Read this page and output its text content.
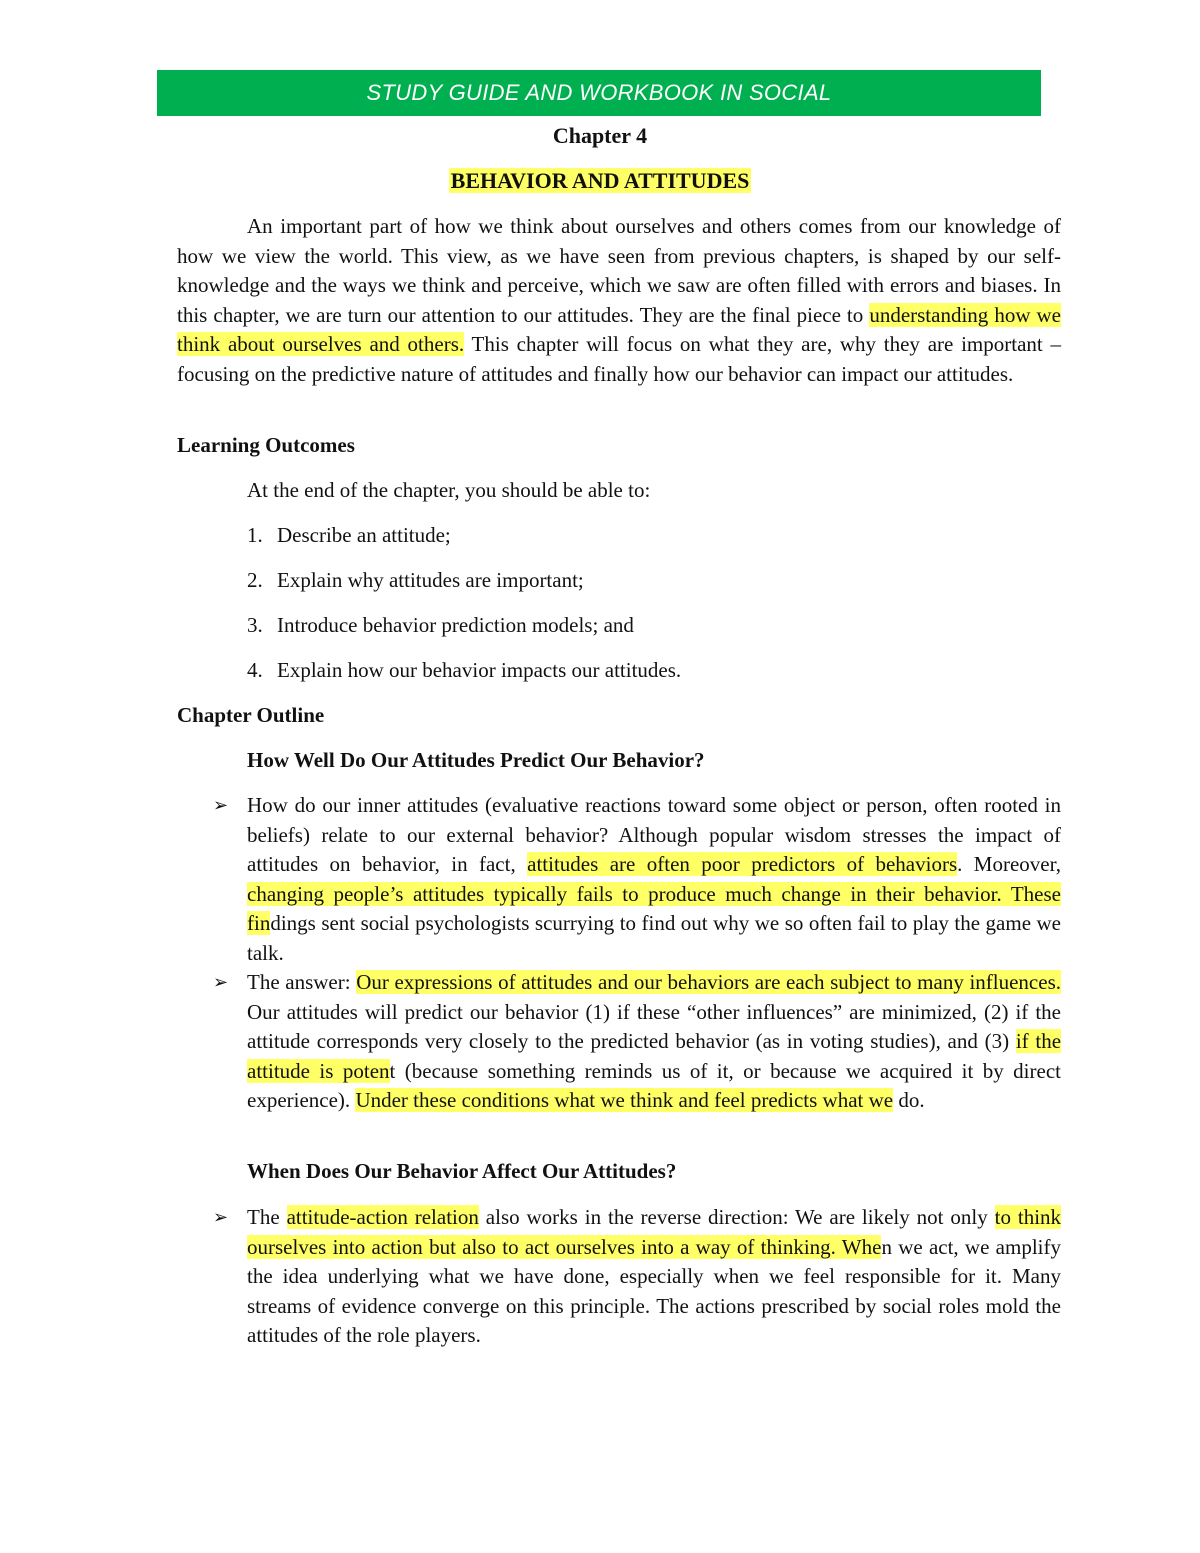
STUDY GUIDE AND WORKBOOK IN SOCIAL
Chapter 4
BEHAVIOR AND ATTITUDES

An important part of how we think about ourselves and others comes from our knowledge of how we view the world. This view, as we have seen from previous chapters, is shaped by our self-knowledge and the ways we think and perceive, which we saw are often filled with errors and biases. In this chapter, we are turn our attention to our attitudes. They are the final piece to understanding how we think about ourselves and others. This chapter will focus on what they are, why they are important – focusing on the predictive nature of attitudes and finally how our behavior can impact our attitudes.

Learning Outcomes
At the end of the chapter, you should be able to:
1. Describe an attitude;
2. Explain why attitudes are important;
3. Introduce behavior prediction models; and
4. Explain how our behavior impacts our attitudes.
Chapter Outline
How Well Do Our Attitudes Predict Our Behavior?
➢ How do our inner attitudes (evaluative reactions toward some object or person, often rooted in beliefs) relate to our external behavior? Although popular wisdom stresses the impact of attitudes on behavior, in fact, attitudes are often poor predictors of behaviors. Moreover, changing people’s attitudes typically fails to produce much change in their behavior. These findings sent social psychologists scurrying to find out why we so often fail to play the game we talk.
➢ The answer: Our expressions of attitudes and our behaviors are each subject to many influences. Our attitudes will predict our behavior (1) if these “other influences” are minimized, (2) if the attitude corresponds very closely to the predicted behavior (as in voting studies), and (3) if the attitude is potent (because something reminds us of it, or because we acquired it by direct experience). Under these conditions what we think and feel predicts what we do.
When Does Our Behavior Affect Our Attitudes?
➢ The attitude-action relation also works in the reverse direction: We are likely not only to think ourselves into action but also to act ourselves into a way of thinking. When we act, we amplify the idea underlying what we have done, especially when we feel responsible for it. Many streams of evidence converge on this principle. The actions prescribed by social roles mold the attitudes of the role players.
